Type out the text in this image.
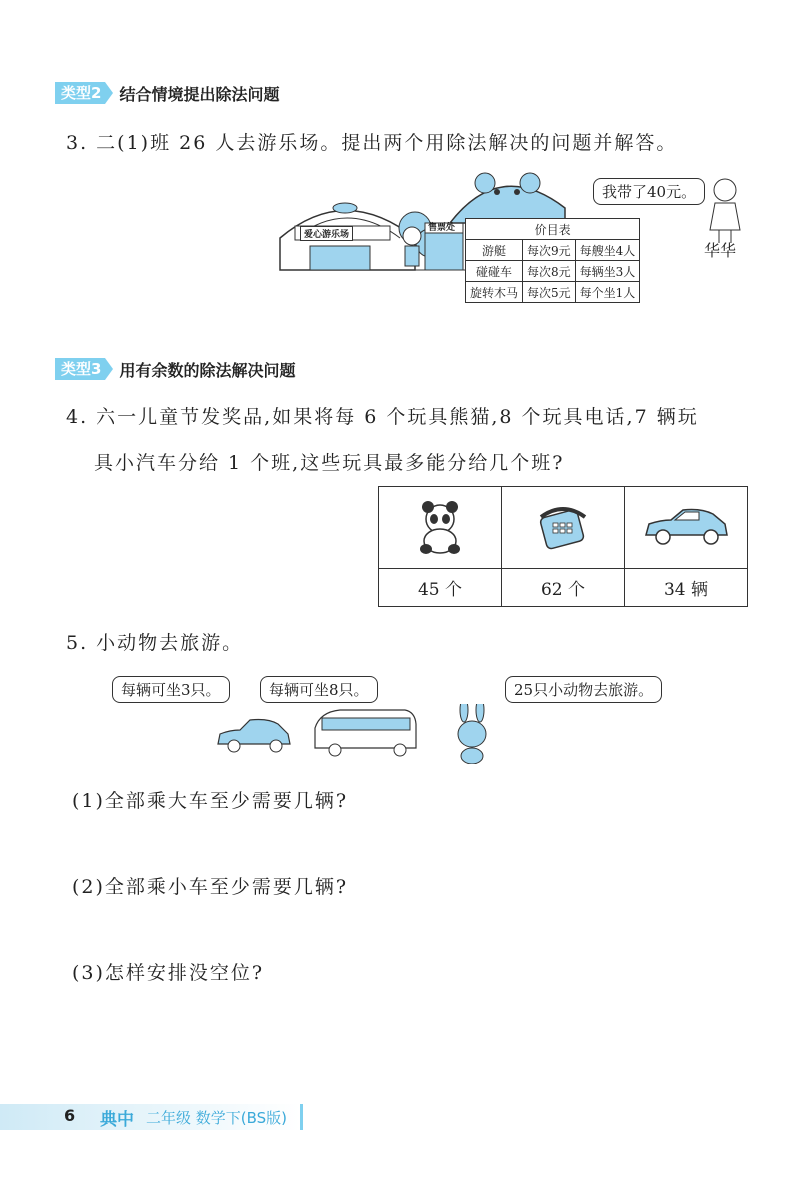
类型2 结合情境提出除法问题
3. 二(1)班 26 人去游乐场。提出两个用除法解决的问题并解答。
爱心游乐场
售票处
我带了40元。
华华
价目表		
游艇	每次9元	每艘坐4人
碰碰车	每次8元	每辆坐3人
旋转木马	每次5元	每个坐1人
类型3 用有余数的除法解决问题
4. 六一儿童节发奖品,如果将每 6 个玩具熊猫,8 个玩具电话,7 辆玩
具小汽车分给 1 个班,这些玩具最多能分给几个班?

45 个	62 个	34 辆
5. 小动物去旅游。
每辆可坐3只。	每辆可坐8只。	25只小动物去旅游。
(1)全部乘大车至少需要几辆?
(2)全部乘小车至少需要几辆?
(3)怎样安排没空位?
6 典中 二年级 数学下(BS版)
